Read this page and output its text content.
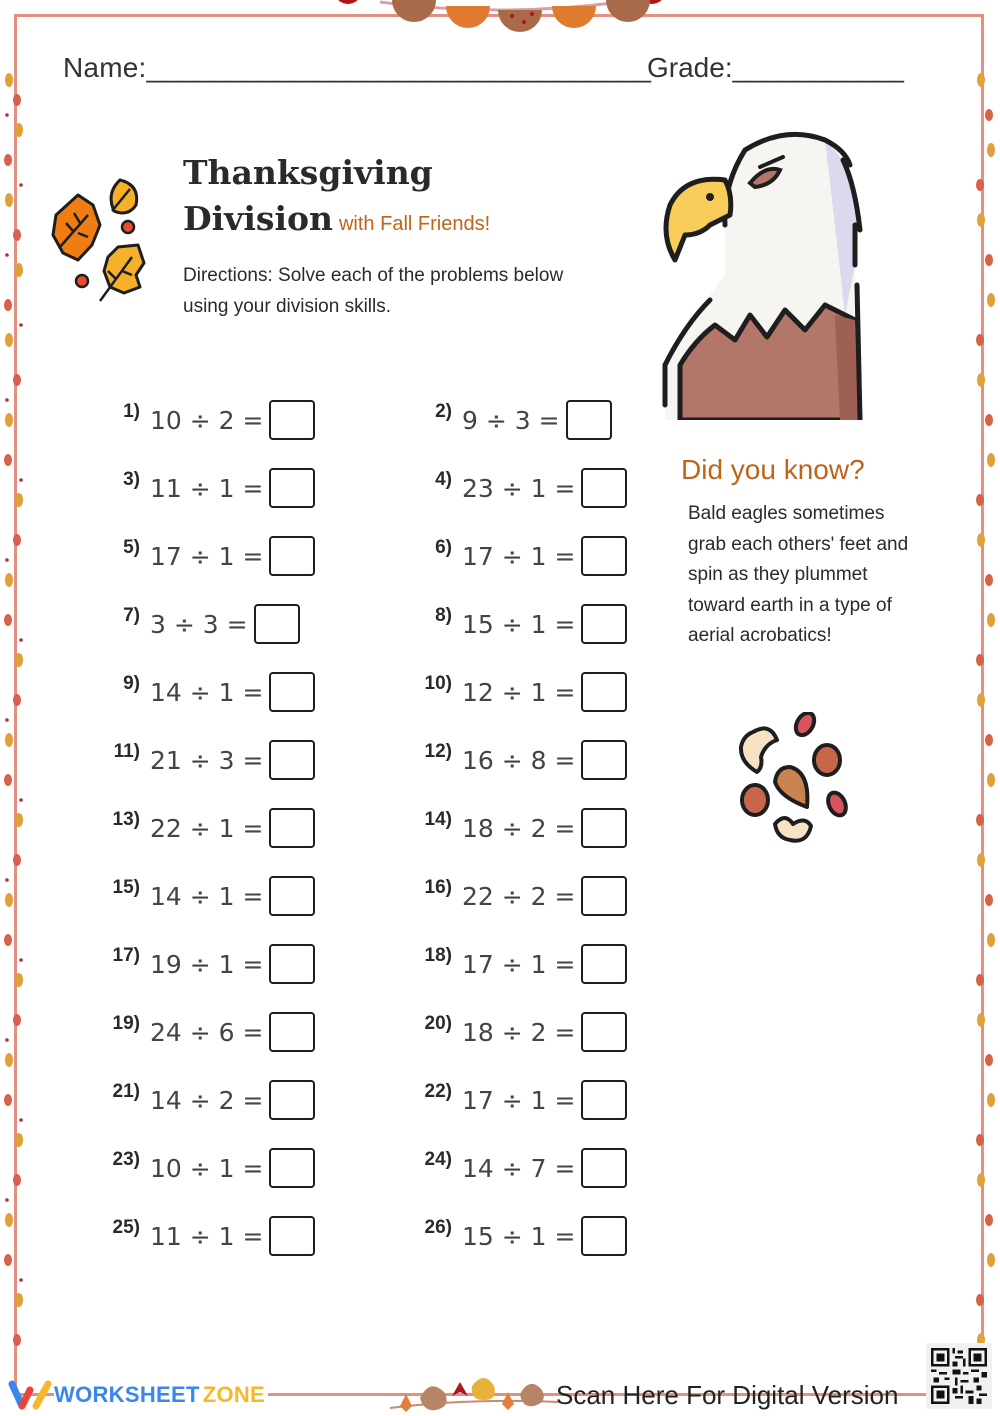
Name:________________________________
Grade:___________
Thanksgiving
Division with Fall Friends!
Directions: Solve each of the problems below using your division skills.
Did you know?
Bald eagles sometimes grab each others' feet and spin as they plummet toward earth in a type of aerial acrobatics!
1) 10 ÷ 2 =	2) 9 ÷ 3 =
3) 11 ÷ 1 =	4) 23 ÷ 1 =
5) 17 ÷ 1 =	6) 17 ÷ 1 =
7) 3 ÷ 3 =	8) 15 ÷ 1 =
9) 14 ÷ 1 =	10) 12 ÷ 1 =
11) 21 ÷ 3 =	12) 16 ÷ 8 =
13) 22 ÷ 1 =	14) 18 ÷ 2 =
15) 14 ÷ 1 =	16) 22 ÷ 2 =
17) 19 ÷ 1 =	18) 17 ÷ 1 =
19) 24 ÷ 6 =	20) 18 ÷ 2 =
21) 14 ÷ 2 =	22) 17 ÷ 1 =
23) 10 ÷ 1 =	24) 14 ÷ 7 =
25) 11 ÷ 1 =	26) 15 ÷ 1 =
WORKSHEET ZONE	Scan Here For Digital Version
